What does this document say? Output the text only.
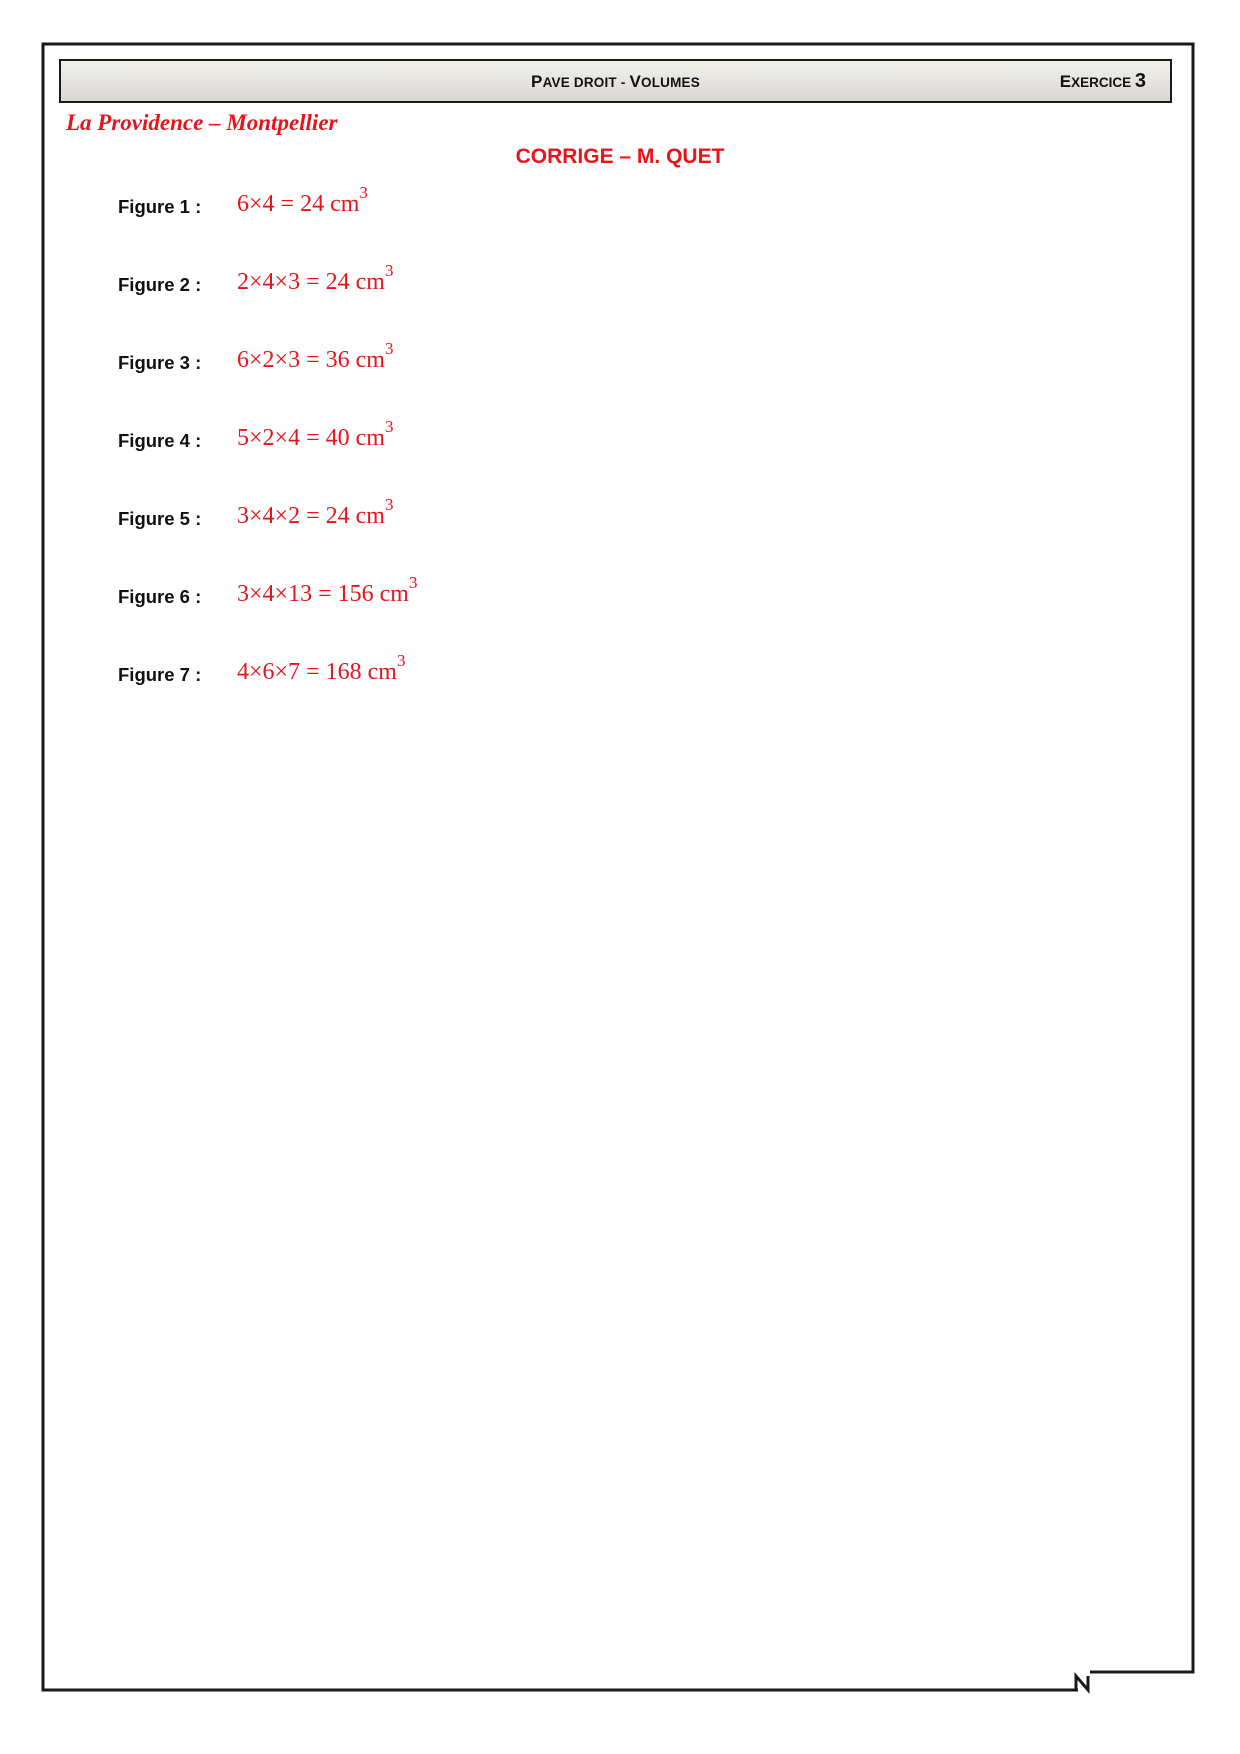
PAVE DROIT - VOLUMES	EXERCICE 3
La Providence – Montpellier
CORRIGE – M. QUET
Figure 1 : 6×4 = 24 $cm^3$
Figure 2 : 2×4×3 = 24 $cm^3$
Figure 3 : 6×2×3 = 36 $cm^3$
Figure 4 : 5×2×4 = 40 $cm^3$
Figure 5 : 3×4×2 = 24 $cm^3$
Figure 6 : 3×4×13 = 156 $cm^3$
Figure 7 : 4×6×7 = 168 $cm^3$
